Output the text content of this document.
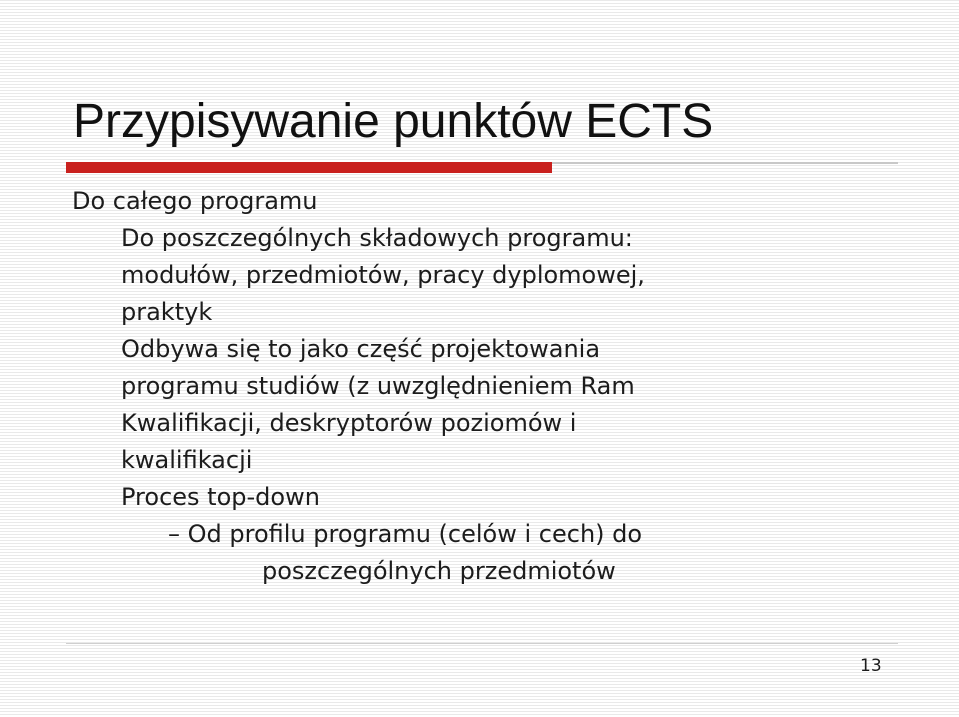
Przypisywanie punktów ECTS
Do całego programu
Do poszczególnych składowych programu:
modułów, przedmiotów, pracy dyplomowej,
praktyk
Odbywa się to jako część projektowania
programu studiów (z uwzględnieniem Ram
Kwalifikacji, deskryptorów poziomów i
kwalifikacji
Proces top-down
– Od profilu programu (celów i cech) do
poszczególnych przedmiotów
13
